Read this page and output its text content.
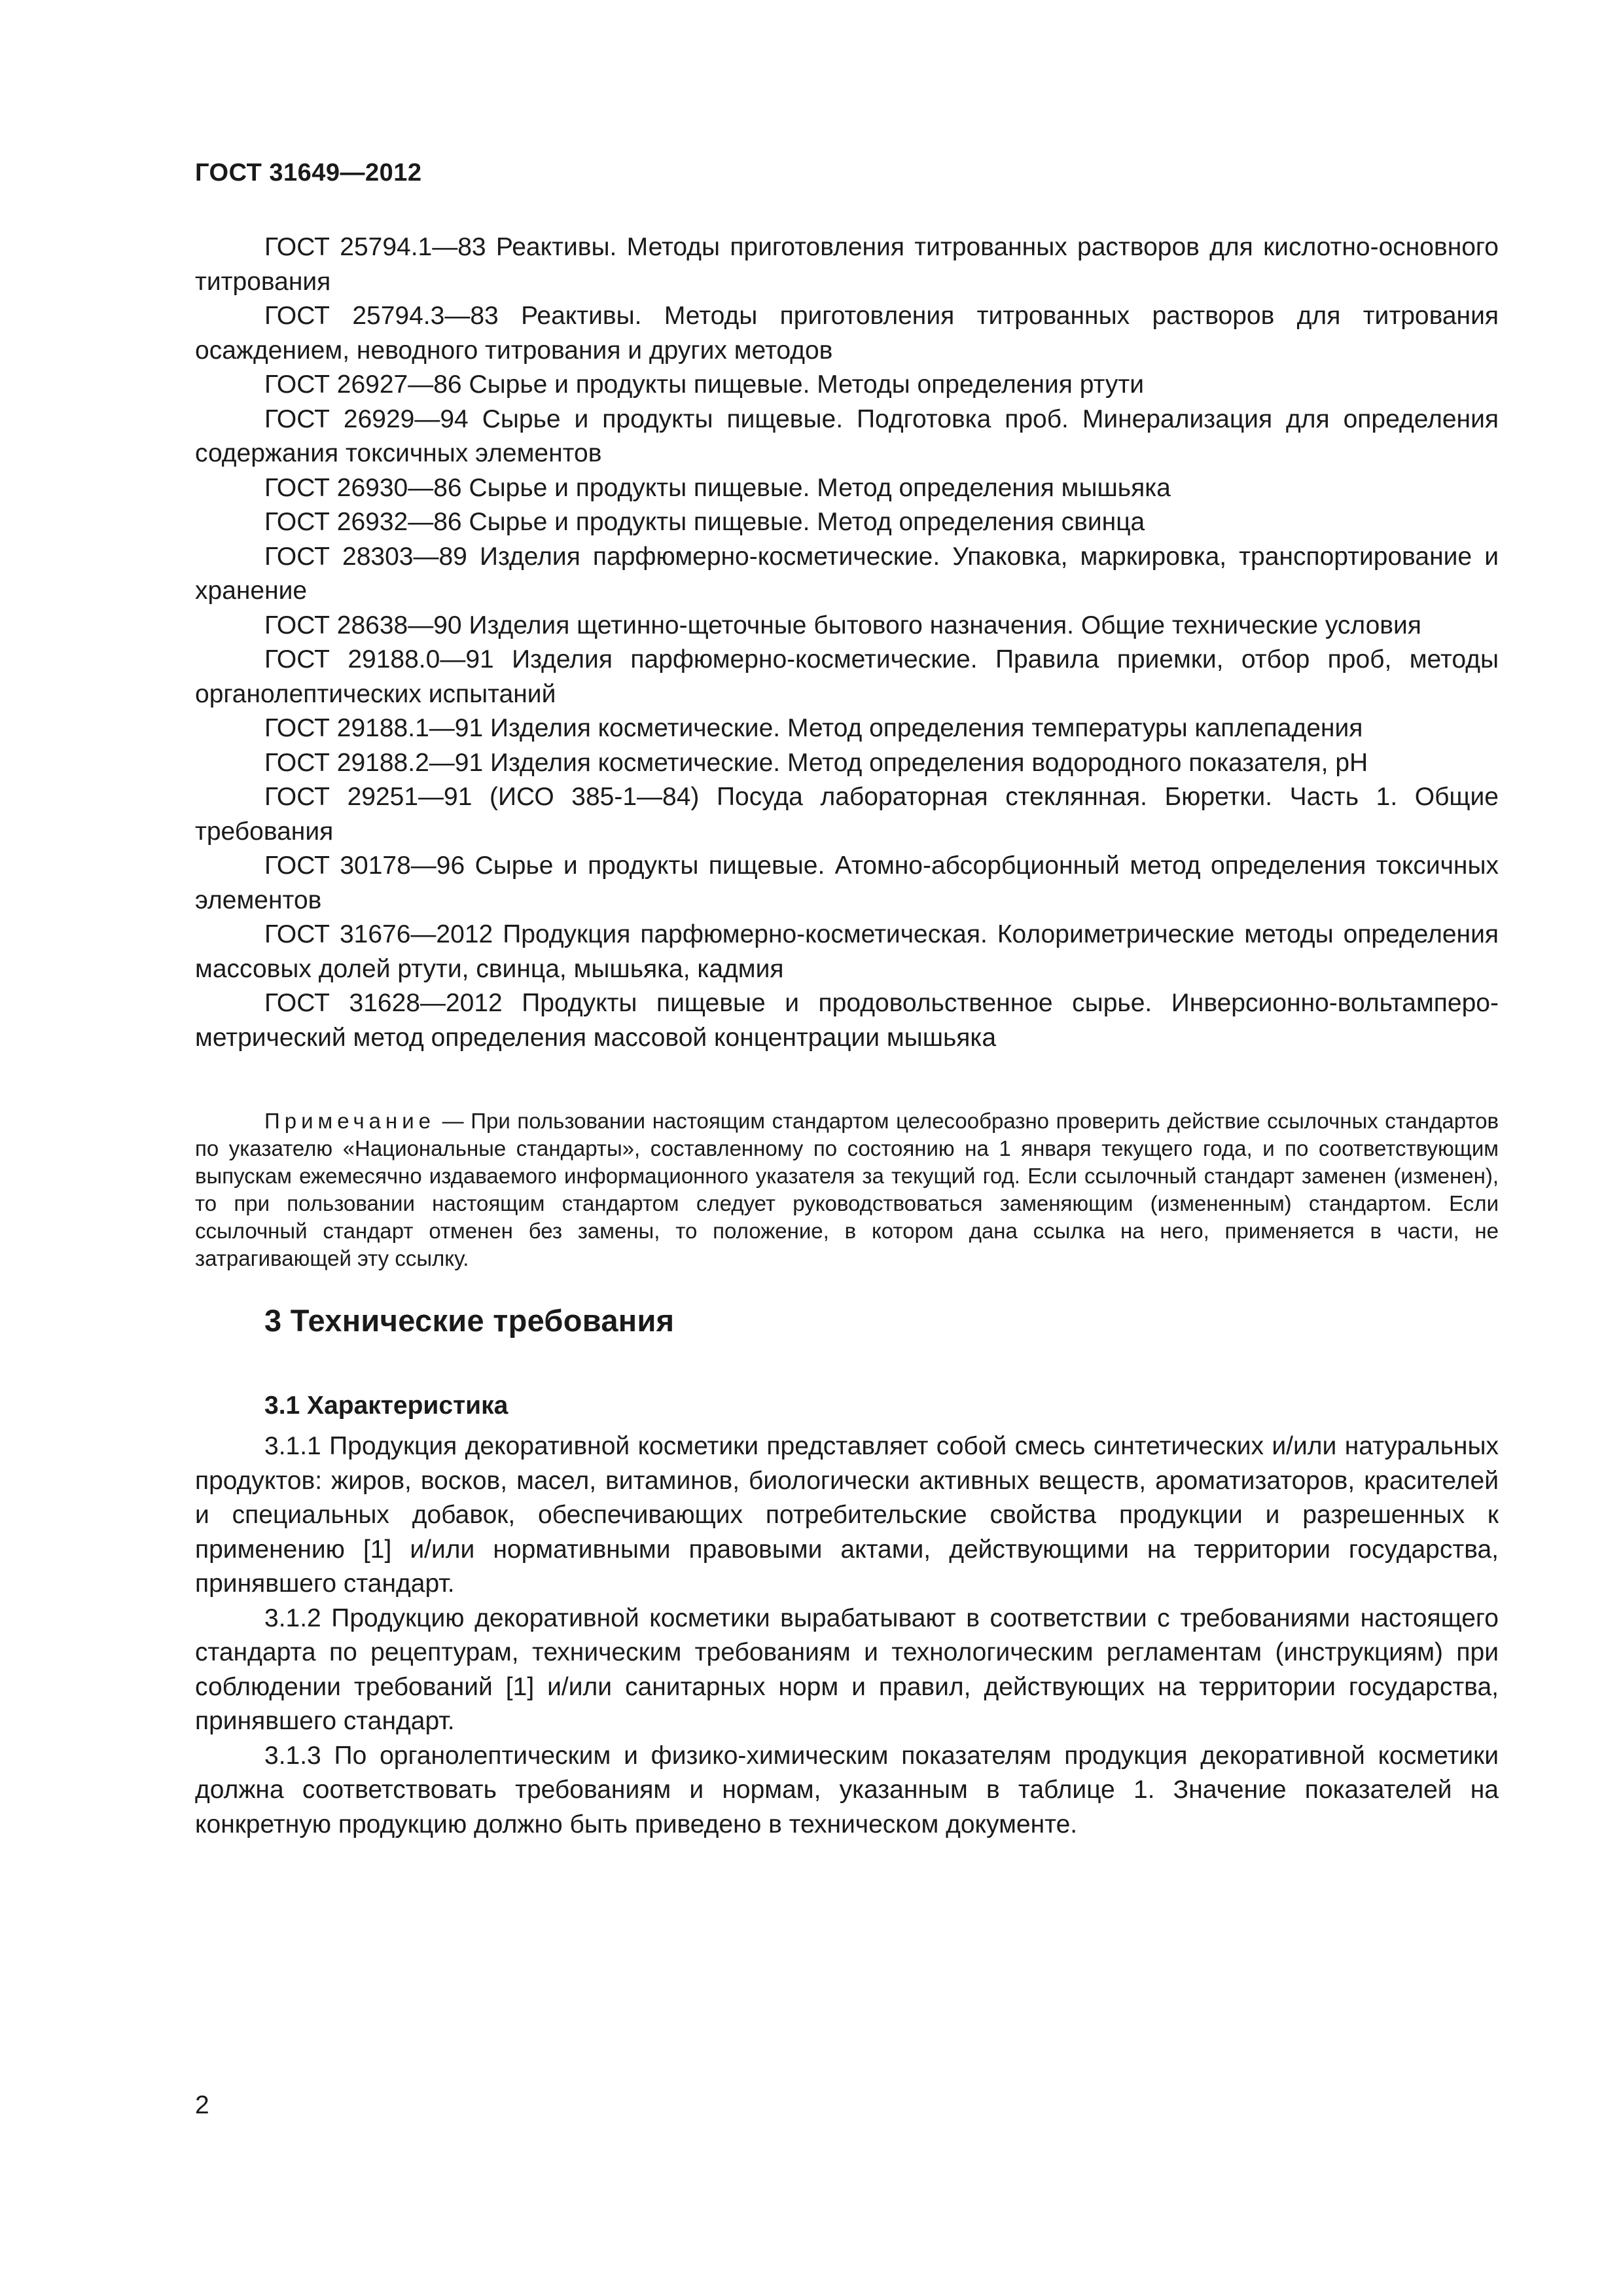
ГОСТ 31649—2012

ГОСТ 25794.1—83 Реактивы. Методы приготовления титрованных растворов для кислотно-основного титрования

ГОСТ 25794.3—83 Реактивы. Методы приготовления титрованных растворов для титрования осаждением, неводного титрования и других методов

ГОСТ 26927—86 Сырье и продукты пищевые. Методы определения ртути

ГОСТ 26929—94 Сырье и продукты пищевые. Подготовка проб. Минерализация для определения содержания токсичных элементов

ГОСТ 26930—86 Сырье и продукты пищевые. Метод определения мышьяка

ГОСТ 26932—86 Сырье и продукты пищевые. Метод определения свинца

ГОСТ 28303—89 Изделия парфюмерно-косметические. Упаковка, маркировка, транспортирование и хранение

ГОСТ 28638—90 Изделия щетинно-щеточные бытового назначения. Общие технические условия

ГОСТ 29188.0—91 Изделия парфюмерно-косметические. Правила приемки, отбор проб, методы органолептических испытаний

ГОСТ 29188.1—91 Изделия косметические. Метод определения температуры каплепадения

ГОСТ 29188.2—91 Изделия косметические. Метод определения водородного показателя, pH

ГОСТ 29251—91 (ИСО 385-1—84) Посуда лабораторная стеклянная. Бюретки. Часть 1. Общие требования

ГОСТ 30178—96 Сырье и продукты пищевые. Атомно-абсорбционный метод определения токсичных элементов

ГОСТ 31676—2012 Продукция парфюмерно-косметическая. Колориметрические методы определения массовых долей ртути, свинца, мышьяка, кадмия

ГОСТ 31628—2012 Продукты пищевые и продовольственное сырье. Инверсионно-вольтамперометрический метод определения массовой концентрации мышьяка

Примечание — При пользовании настоящим стандартом целесообразно проверить действие ссылочных стандартов по указателю «Национальные стандарты», составленному по состоянию на 1 января текущего года, и по соответствующим выпускам ежемесячно издаваемого информационного указателя за текущий год. Если ссылочный стандарт заменен (изменен), то при пользовании настоящим стандартом следует руководствоваться заменяющим (измененным) стандартом. Если ссылочный стандарт отменен без замены, то положение, в котором дана ссылка на него, применяется в части, не затрагивающей эту ссылку.

3 Технические требования
3.1 Характеристика

3.1.1 Продукция декоративной косметики представляет собой смесь синтетических и/или натуральных продуктов: жиров, восков, масел, витаминов, биологически активных веществ, ароматизаторов, красителей и специальных добавок, обеспечивающих потребительские свойства продукции и разрешенных к применению [1] и/или нормативными правовыми актами, действующими на территории государства, принявшего стандарт.

3.1.2 Продукцию декоративной косметики вырабатывают в соответствии с требованиями настоящего стандарта по рецептурам, техническим требованиям и технологическим регламентам (инструкциям) при соблюдении требований [1] и/или санитарных норм и правил, действующих на территории государства, принявшего стандарт.

3.1.3 По органолептическим и физико-химическим показателям продукция декоративной косметики должна соответствовать требованиям и нормам, указанным в таблице 1. Значение показателей на конкретную продукцию должно быть приведено в техническом документе.

2
